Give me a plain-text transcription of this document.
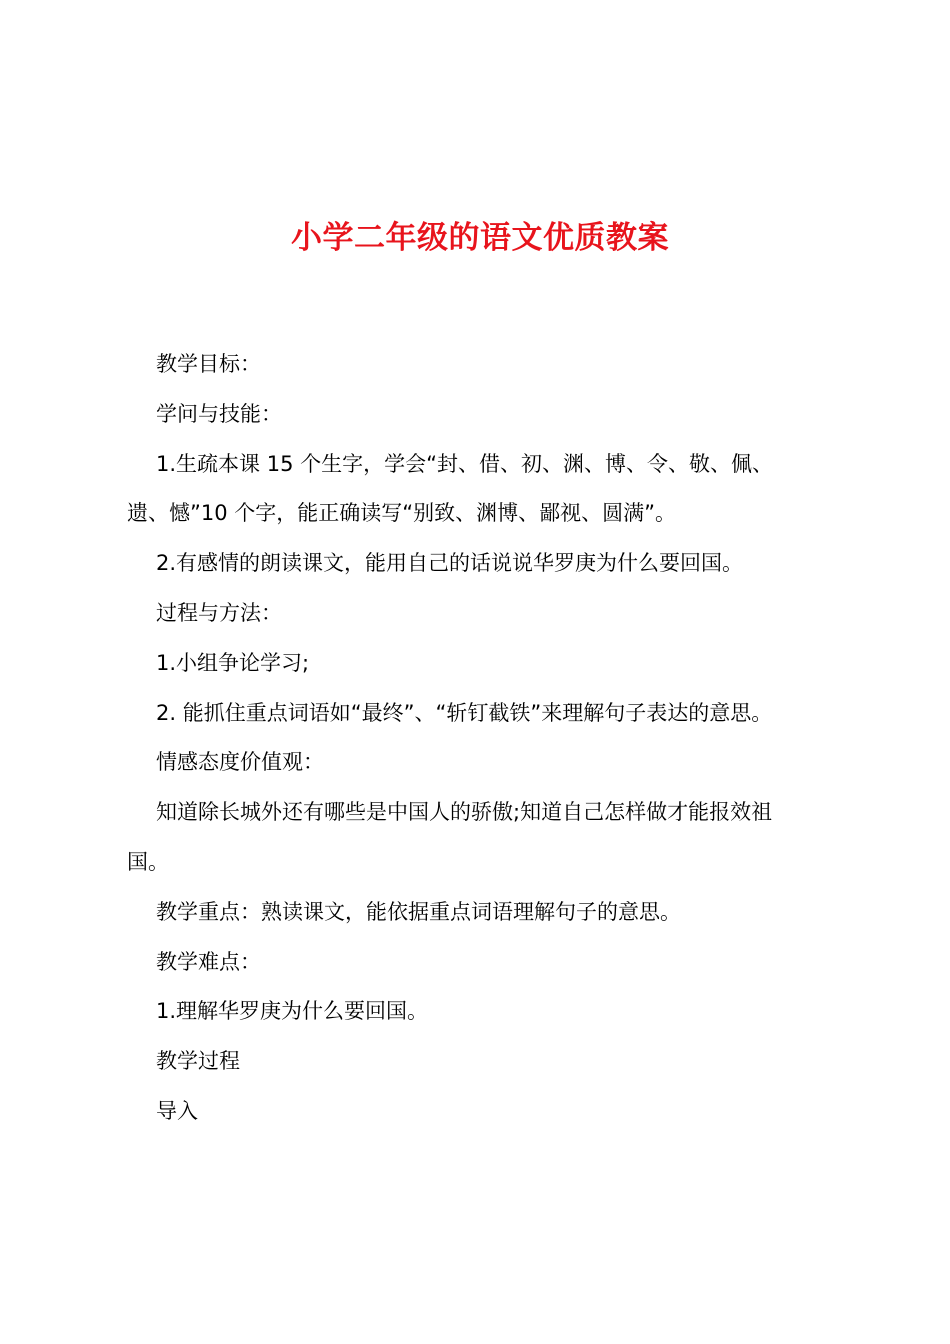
小学二年级的语文优质教案

教学目标：

学问与技能：

1.生疏本课 15 个生字，学会“封、借、初、渊、博、令、敬、佩、

遗、憾”10 个字，能正确读写“别致、渊博、鄙视、圆满”。

2.有感情的朗读课文，能用自己的话说说华罗庚为什么要回国。

过程与方法：

1.小组争论学习;

2. 能抓住重点词语如“最终”、“斩钉截铁”来理解句子表达的意思。

情感态度价值观：

知道除长城外还有哪些是中国人的骄傲;知道自己怎样做才能报效祖

国。

教学重点：熟读课文，能依据重点词语理解句子的意思。

教学难点：

1.理解华罗庚为什么要回国。

教学过程

导入
